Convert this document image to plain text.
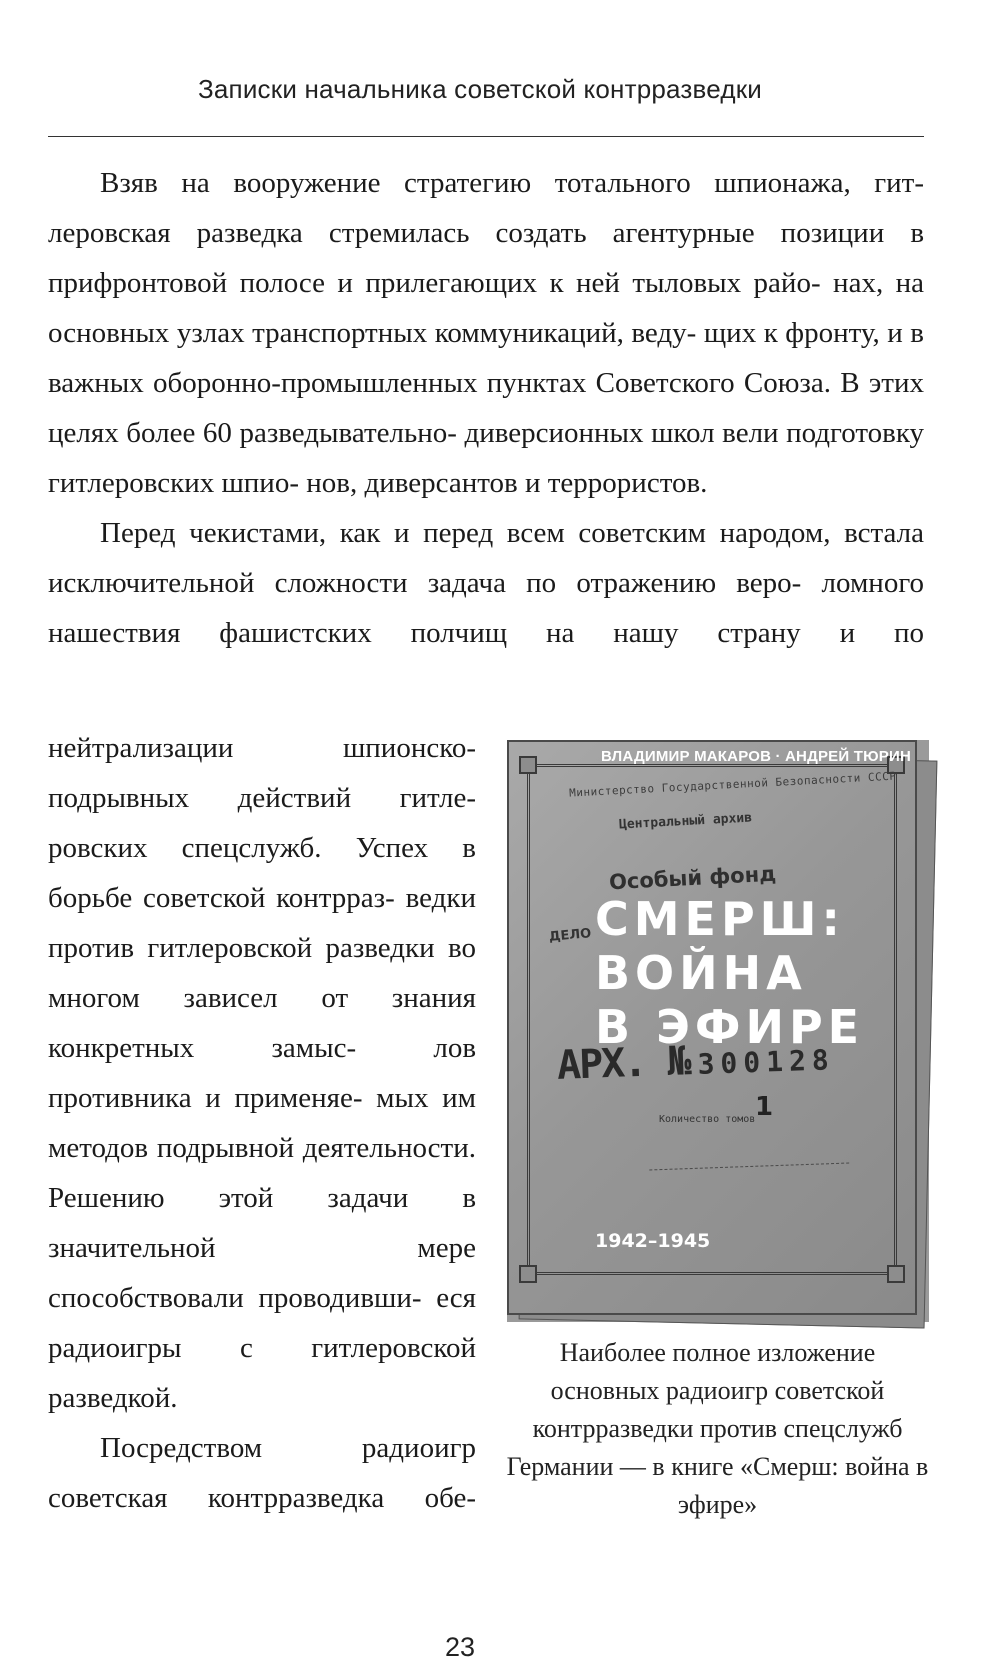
Записки начальника советской контрразведки

Взяв на вооружение стратегию тотального шпионажа, гит- леровская разведка стремилась создать агентурные позиции в прифронтовой полосе и прилегающих к ней тыловых райо- нах, на основных узлах транспортных коммуникаций, веду- щих к фронту, и в важных оборонно-промышленных пунктах Советского Союза. В этих целях более 60 разведывательно- диверсионных школ вели подготовку гитлеровских шпио- нов, диверсантов и террористов.

Перед чекистами, как и перед всем советским народом, встала исключительной сложности задача по отражению веро- ломного нашествия фашистских полчищ на нашу страну и по

нейтрализации шпионско- подрывных действий гитле- ровских спецслужб. Успех в борьбе советской контрраз- ведки против гитлеровской разведки во многом зависел от знания конкретных замыс-	лов противника и применяе- мых им методов подрывной деятельности. Решению этой задачи в значительной мере способствовали проводивши- еся радиоигры с гитлеровской разведкой.

Посредством радиоигр советская контрразведка обе-

ВЛАДИМИР МАКАРОВ · АНДРЕЙ ТЮРИН
Министерство Государственной Безопасности СССР
Центральный архив
Особый фонд
ДЕЛО СМЕРШ:
ВОЙНА
В ЭФИРЕ
АРХ. № 300128
Количество томов 1
1942–1945
Наиболее полное изложение основных радиоигр советской контрразведки против спецслужб Германии — в книге «Смерш: война в эфире»
23
